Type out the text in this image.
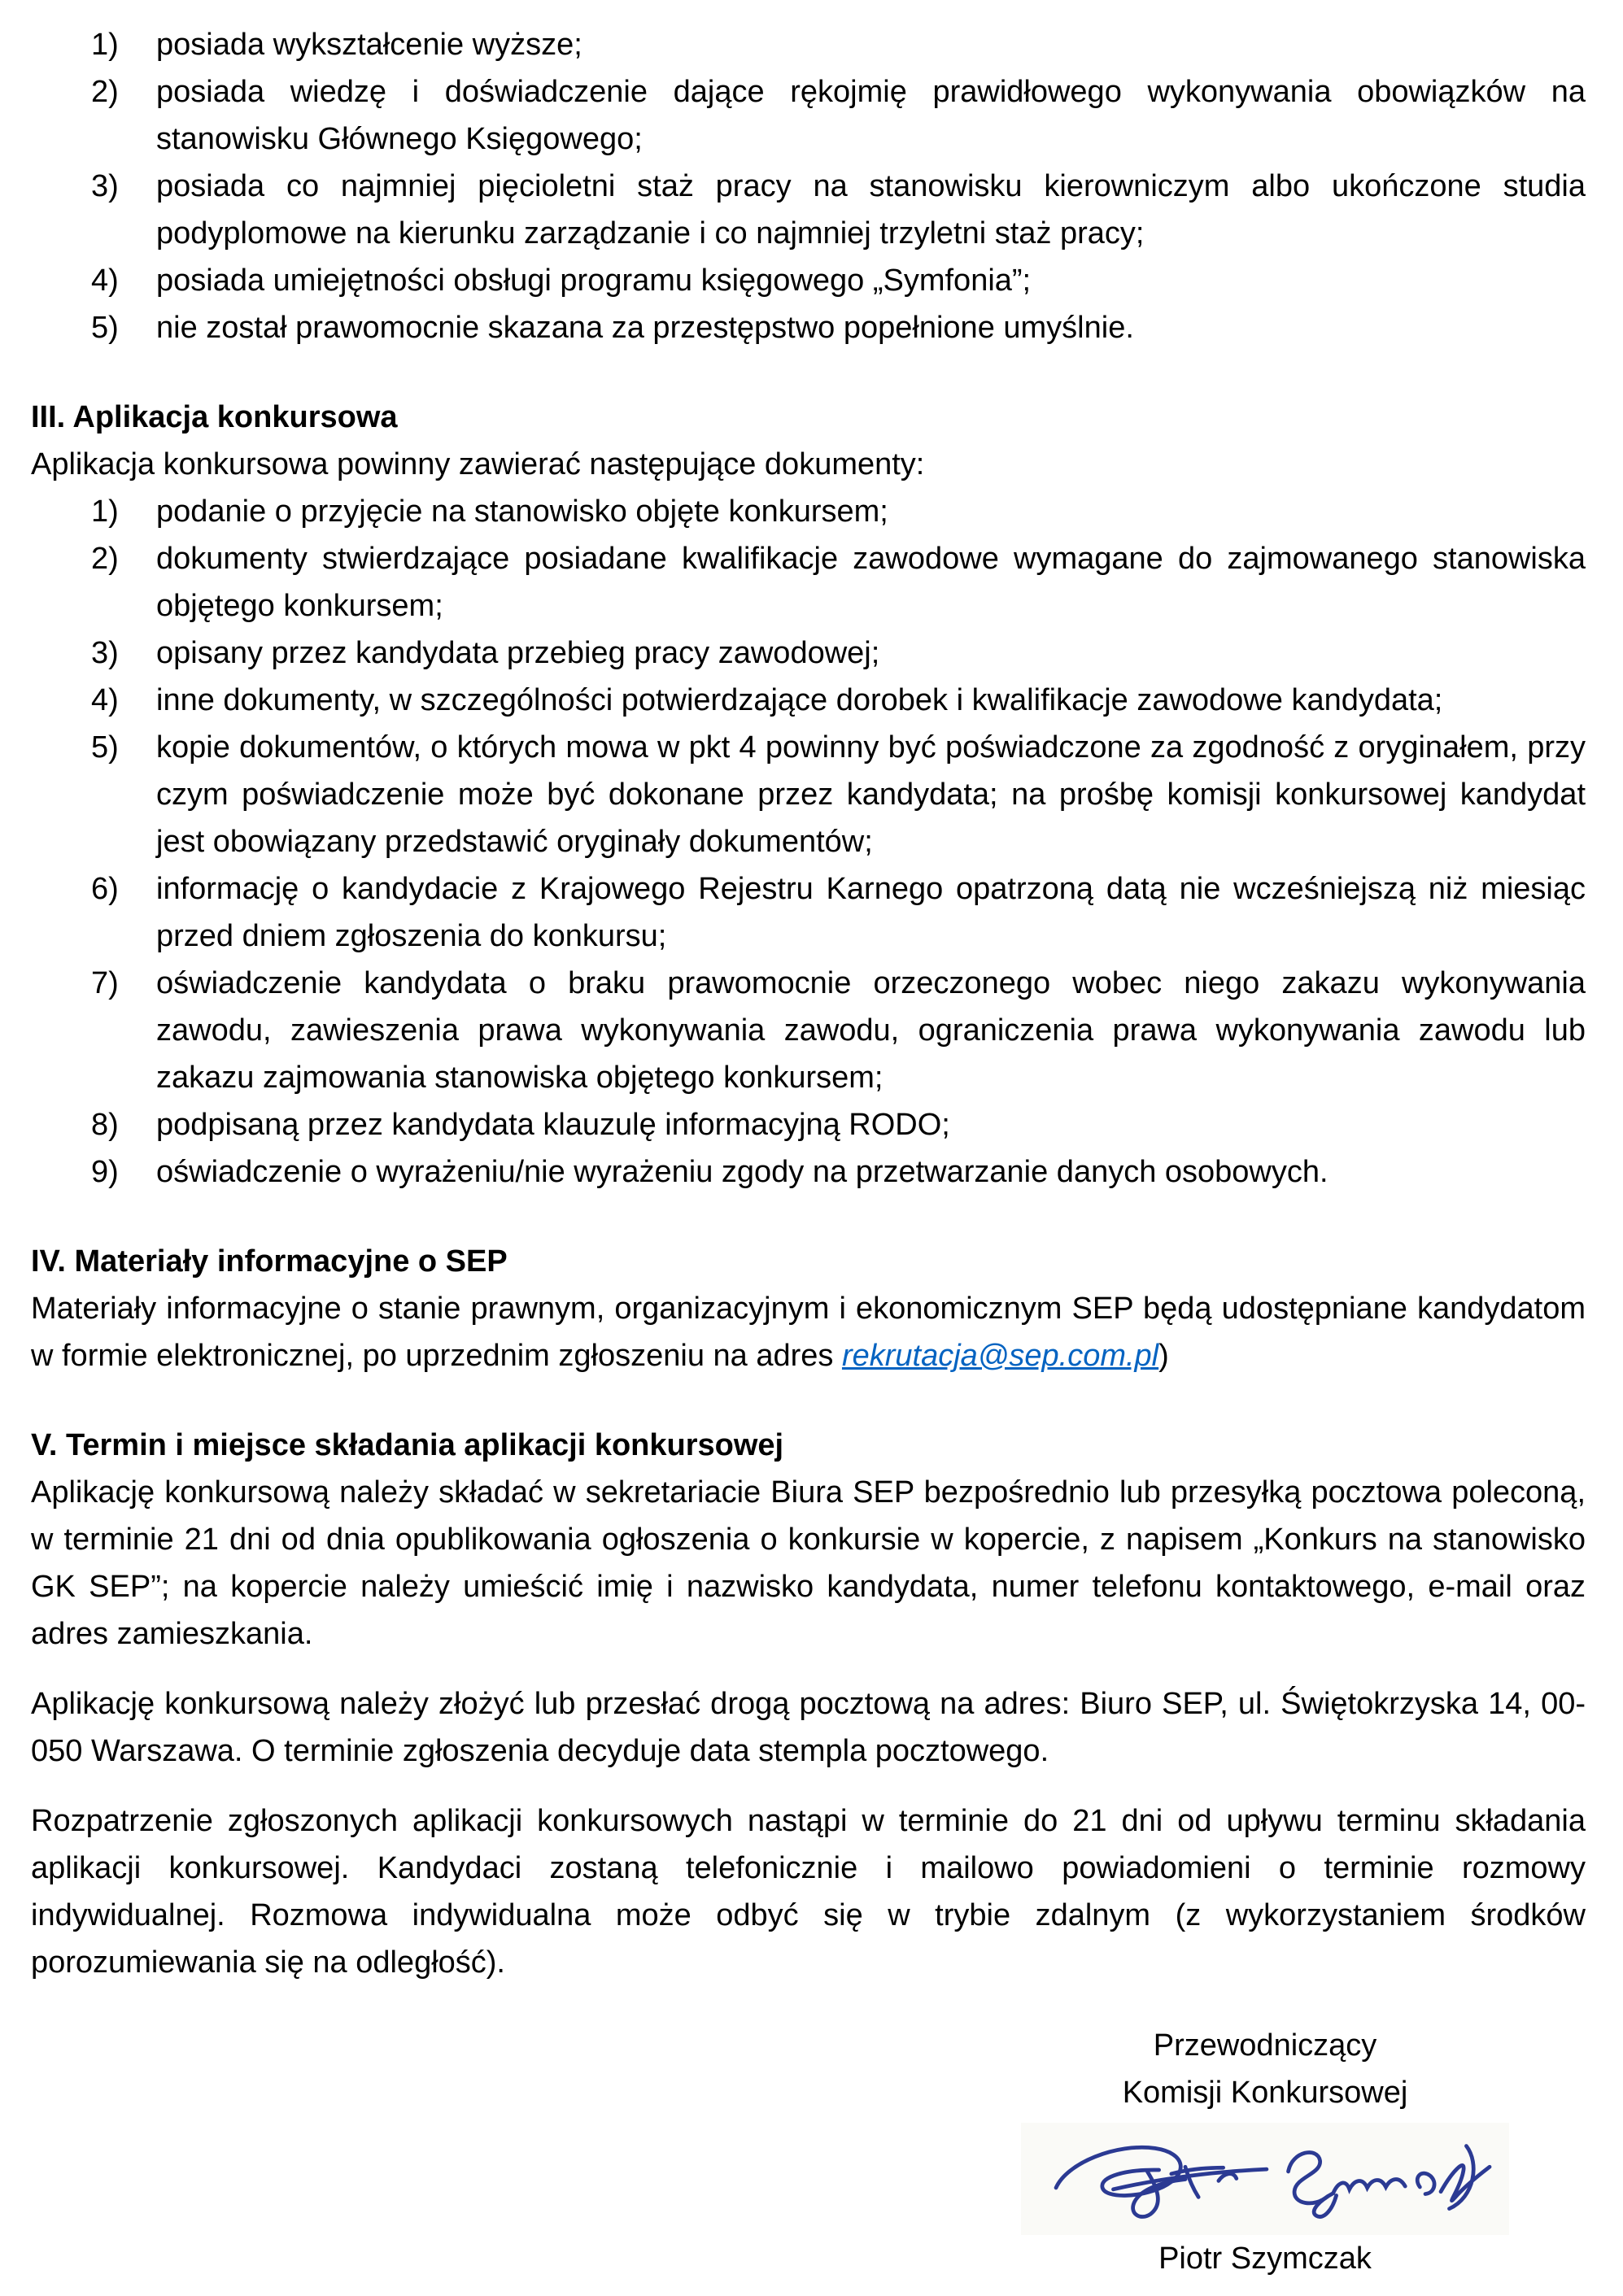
1) posiada wykształcenie wyższe;
2) posiada wiedzę i doświadczenie dające rękojmię prawidłowego wykonywania obowiązków na stanowisku Głównego Księgowego;
3) posiada co najmniej pięcioletni staż pracy na stanowisku kierowniczym albo ukończone studia podyplomowe na kierunku zarządzanie i co najmniej trzyletni staż pracy;
4) posiada umiejętności obsługi programu księgowego „Symfonia”;
5) nie został prawomocnie skazana za przestępstwo popełnione umyślnie.
III. Aplikacja konkursowa

Aplikacja konkursowa powinny zawierać następujące dokumenty:

1) podanie o przyjęcie na stanowisko objęte konkursem;
2) dokumenty stwierdzające posiadane kwalifikacje zawodowe wymagane do zajmowanego stanowiska objętego konkursem;
3) opisany przez kandydata przebieg pracy zawodowej;
4) inne dokumenty, w szczególności potwierdzające dorobek i kwalifikacje zawodowe kandydata;
5) kopie dokumentów, o których mowa w pkt 4 powinny być poświadczone za zgodność z oryginałem, przy czym poświadczenie może być dokonane przez kandydata; na prośbę komisji konkursowej kandydat jest obowiązany przedstawić oryginały dokumentów;
6) informację o kandydacie z Krajowego Rejestru Karnego opatrzoną datą nie wcześniejszą niż miesiąc przed dniem zgłoszenia do konkursu;
7) oświadczenie kandydata o braku prawomocnie orzeczonego wobec niego zakazu wykonywania zawodu, zawieszenia prawa wykonywania zawodu, ograniczenia prawa wykonywania zawodu lub zakazu zajmowania stanowiska objętego konkursem;
8) podpisaną przez kandydata klauzulę informacyjną RODO;
9) oświadczenie o wyrażeniu/nie wyrażeniu zgody na przetwarzanie danych osobowych.
IV. Materiały informacyjne o SEP

Materiały informacyjne o stanie prawnym, organizacyjnym i ekonomicznym SEP będą udostępniane kandydatom w formie elektronicznej, po uprzednim zgłoszeniu na adres rekrutacja@sep.com.pl)

V. Termin i miejsce składania aplikacji konkursowej

Aplikację konkursową należy składać w sekretariacie Biura SEP bezpośrednio lub przesyłką pocztowa poleconą, w terminie 21 dni od dnia opublikowania ogłoszenia o konkursie w kopercie, z napisem „Konkurs na stanowisko GK SEP”; na kopercie należy umieścić imię i nazwisko kandydata, numer telefonu kontaktowego, e-mail oraz adres zamieszkania.

Aplikację konkursową należy złożyć lub przesłać drogą pocztową na adres: Biuro SEP, ul. Świętokrzyska 14, 00-050 Warszawa. O terminie zgłoszenia decyduje data stempla pocztowego.

Rozpatrzenie zgłoszonych aplikacji konkursowych nastąpi w terminie do 21 dni od upływu terminu składania aplikacji konkursowej. Kandydaci zostaną telefonicznie i mailowo powiadomieni o terminie rozmowy indywidualnej. Rozmowa indywidualna może odbyć się w trybie zdalnym (z wykorzystaniem środków porozumiewania się na odległość).

Przewodniczący
Komisji Konkursowej
Piotr Szymczak
